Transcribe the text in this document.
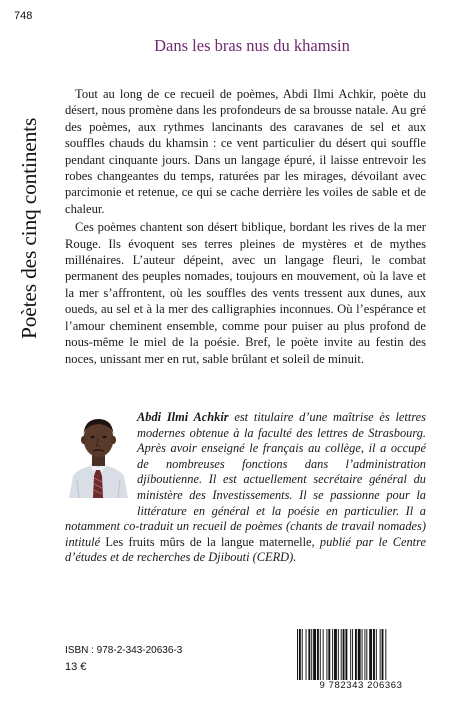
748
Poètes des cinq continents
Dans les bras nus du khamsin

Tout au long de ce recueil de poèmes, Abdi Ilmi Achkir, poète du désert, nous promène dans les profondeurs de sa brousse natale. Au gré des poèmes, aux rythmes lancinants des caravanes de sel et aux souffles chauds du khamsin : ce vent particulier du désert qui souffle pendant cinquante jours. Dans un langage épuré, il laisse entrevoir les robes changeantes du temps, raturées par les mirages, dévoilant avec parcimonie et retenue, ce qui se cache derrière les voiles de sable et de chaleur.

Ces poèmes chantent son désert biblique, bordant les rives de la mer Rouge. Ils évoquent ses terres pleines de mystères et de mythes millénaires. L’auteur dépeint, avec un langage fleuri, le combat permanent des peuples nomades, toujours en mouvement, où la lave et la mer s’affrontent, où les souffles des vents tressent aux dunes, aux oueds, au sel et à la mer des calligraphies inconnues. Où l’espérance et l’amour cheminent ensemble, comme pour puiser au plus profond de nous-même le miel de la poésie. Bref, le poète invite au festin des noces, unissant mer en rut, sable brûlant et soleil de minuit.

Abdi Ilmi Achkir est titulaire d’une maîtrise ès lettres modernes obtenue à la faculté des lettres de Strasbourg. Après avoir enseigné le français au collège, il a occupé de nombreuses fonctions dans l’administration djiboutienne. Il est actuellement secrétaire général du ministère des Investissements. Il se passionne pour la littérature en général et la poésie en particulier. Il a notamment co-traduit un recueil de poèmes (chants de travail nomades) intitulé Les fruits mûrs de la langue maternelle, publié par le Centre d’études et de recherches de Djibouti (CERD).
ISBN : 978-2-343-20636-3
13 €
9 782343 206363
